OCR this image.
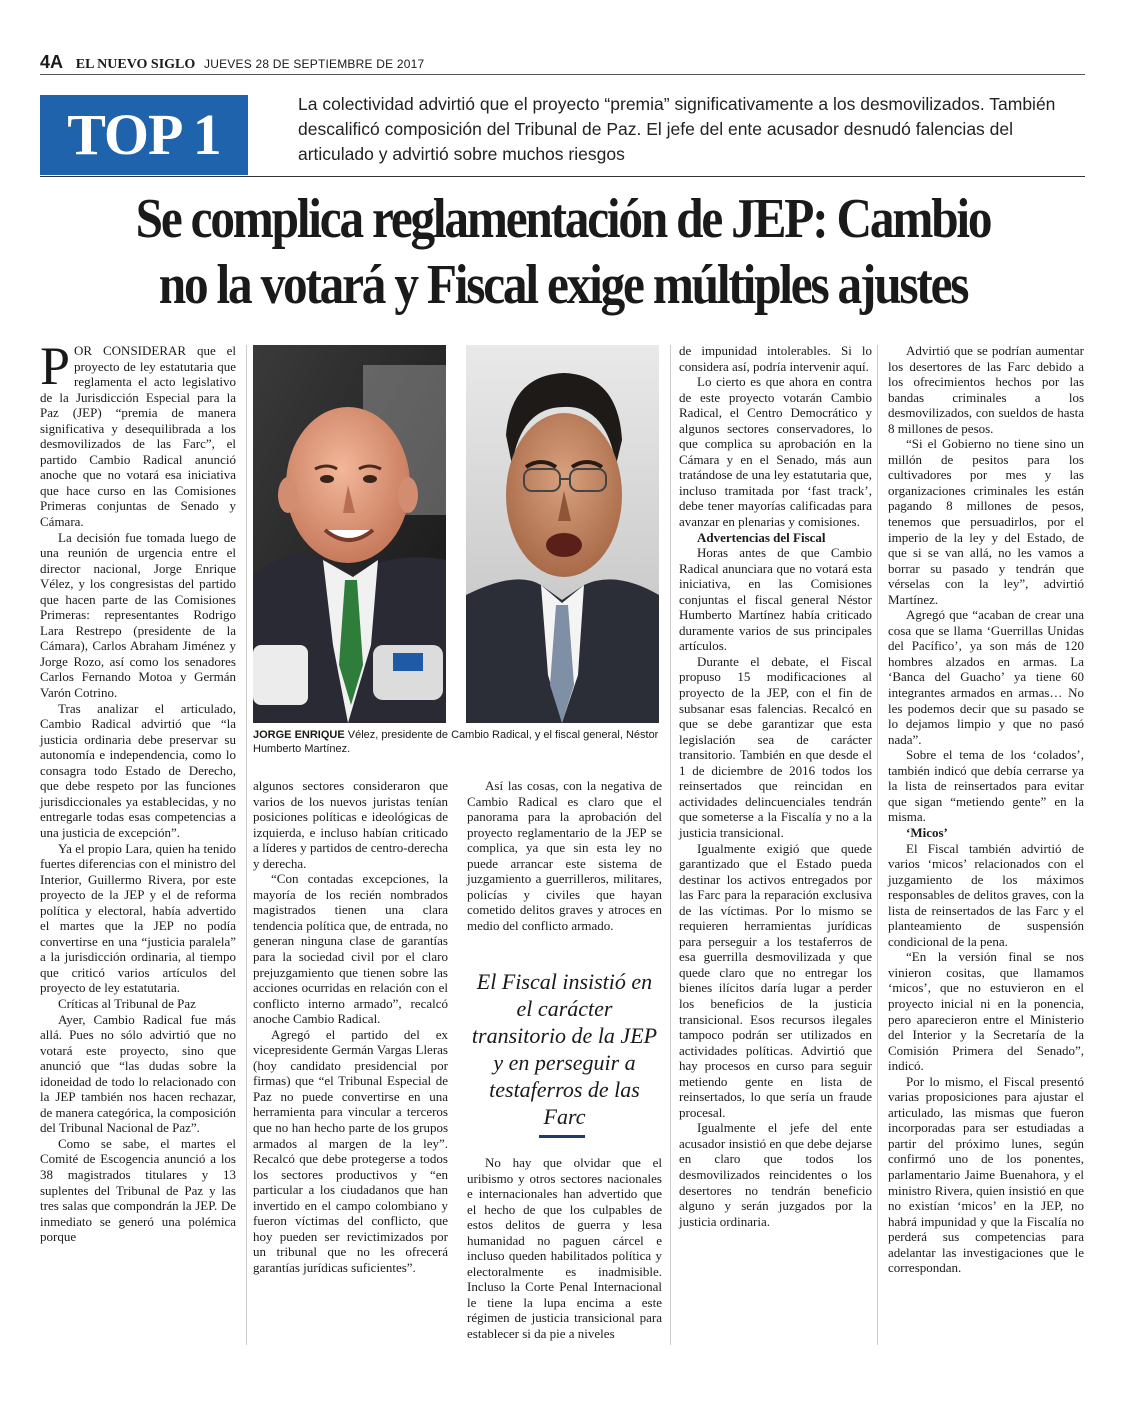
4A EL NUEVO SIGLO JUEVES 28 DE SEPTIEMBRE DE 2017
TOP 1	La colectividad advirtió que el proyecto “premia” significativamente a los desmovilizados. También descalificó composición del Tribunal de Paz. El jefe del ente acusador desnudó falencias del articulado y advirtió sobre muchos riesgos
Se complica reglamentación de JEP: Cambio
no la votará y Fiscal exige múltiples ajustes

POR CONSIDERAR que el proyecto de ley estatutaria que reglamenta el acto legislativo de la Jurisdicción Especial para la Paz (JEP) “premia de manera significativa y desequilibrada a los desmovilizados de las Farc”, el partido Cambio Radical anunció anoche que no votará esa iniciativa que hace curso en las Comisiones Primeras conjuntas de Senado y Cámara.

La decisión fue tomada luego de una reunión de urgencia entre el director nacional, Jorge Enrique Vélez, y los congresistas del partido que hacen parte de las Comisiones Primeras: representantes Rodrigo Lara Restrepo (presidente de la Cámara), Carlos Abraham Jiménez y Jorge Rozo, así como los senadores Carlos Fernando Motoa y Germán Varón Cotrino.

Tras analizar el articulado, Cambio Radical advirtió que “la justicia ordinaria debe preservar su autonomía e independencia, como lo consagra todo Estado de Derecho, que debe respeto por las funciones jurisdiccionales ya establecidas, y no entregarle todas esas competencias a una justicia de excepción”.

Ya el propio Lara, quien ha tenido fuertes diferencias con el ministro del Interior, Guillermo Rivera, por este proyecto de la JEP y el de reforma política y electoral, había advertido el martes que la JEP no podía convertirse en una “justicia paralela” a la jurisdicción ordinaria, al tiempo que criticó varios artículos del proyecto de ley estatutaria.

Críticas al Tribunal de Paz

Ayer, Cambio Radical fue más allá. Pues no sólo advirtió que no votará este proyecto, sino que anunció que “las dudas sobre la idoneidad de todo lo relacionado con la JEP también nos hacen rechazar, de manera categórica, la composición del Tribunal Nacional de Paz”.

Como se sabe, el martes el Comité de Escogencia anunció a los 38 magistrados titulares y 13 suplentes del Tribunal de Paz y las tres salas que compondrán la JEP. De inmediato se generó una polémica porque

JORGE ENRIQUE Vélez, presidente de Cambio Radical, y el fiscal general, Néstor Humberto Martínez.

algunos sectores consideraron que varios de los nuevos juristas tenían posiciones políticas e ideológicas de izquierda, e incluso habían criticado a líderes y partidos de centro-derecha y derecha.

“Con contadas excepciones, la mayoría de los recién nombrados magistrados tienen una clara tendencia política que, de entrada, no generan ninguna clase de garantías para la sociedad civil por el claro prejuzgamiento que tienen sobre las acciones ocurridas en relación con el conflicto interno armado”, recalcó anoche Cambio Radical.

Agregó el partido del ex vicepresidente Germán Vargas Lleras (hoy candidato presidencial por firmas) que “el Tribunal Especial de Paz no puede convertirse en una herramienta para vincular a terceros que no han hecho parte de los grupos armados al margen de la ley”. Recalcó que debe protegerse a todos los sectores productivos y “en particular a los ciudadanos que han invertido en el campo colombiano y fueron víctimas del conflicto, que hoy pueden ser revictimizados por un tribunal que no les ofrecerá garantías jurídicas suficientes”.

Así las cosas, con la negativa de Cambio Radical es claro que el panorama para la aprobación del proyecto reglamentario de la JEP se complica, ya que sin esta ley no puede arrancar este sistema de juzgamiento a guerrilleros, militares, policías y civiles que hayan cometido delitos graves y atroces en medio del conflicto armado.

El Fiscal insistió en el carácter transitorio de la JEP y en perseguir a testaferros de las Farc

No hay que olvidar que el uribismo y otros sectores nacionales e internacionales han advertido que el hecho de que los culpables de estos delitos de guerra y lesa humanidad no paguen cárcel e incluso queden habilitados política y electoralmente es inadmisible. Incluso la Corte Penal Internacional le tiene la lupa encima a este régimen de justicia transicional para establecer si da pie a niveles

de impunidad intolerables. Si lo considera así, podría intervenir aquí.

Lo cierto es que ahora en contra de este proyecto votarán Cambio Radical, el Centro Democrático y algunos sectores conservadores, lo que complica su aprobación en la Cámara y en el Senado, más aun tratándose de una ley estatutaria que, incluso tramitada por ‘fast track’, debe tener mayorías calificadas para avanzar en plenarias y comisiones.

Advertencias del Fiscal

Horas antes de que Cambio Radical anunciara que no votará esta iniciativa, en las Comisiones conjuntas el fiscal general Néstor Humberto Martínez había criticado duramente varios de sus principales artículos.

Durante el debate, el Fiscal propuso 15 modificaciones al proyecto de la JEP, con el fin de subsanar esas falencias. Recalcó en que se debe garantizar que esta legislación sea de carácter transitorio. También en que desde el 1 de diciembre de 2016 todos los reinsertados que reincidan en actividades delincuenciales tendrán que someterse a la Fiscalía y no a la justicia transicional.

Igualmente exigió que quede garantizado que el Estado pueda destinar los activos entregados por las Farc para la reparación exclusiva de las víctimas. Por lo mismo se requieren herramientas jurídicas para perseguir a los testaferros de esa guerrilla desmovilizada y que quede claro que no entregar los bienes ilícitos daría lugar a perder los beneficios de la justicia transicional. Esos recursos ilegales tampoco podrán ser utilizados en actividades políticas. Advirtió que hay procesos en curso para seguir metiendo gente en lista de reinsertados, lo que sería un fraude procesal.

Igualmente el jefe del ente acusador insistió en que debe dejarse en claro que todos los desmovilizados reincidentes o los desertores no tendrán beneficio alguno y serán juzgados por la justicia ordinaria.

Advirtió que se podrían aumentar los desertores de las Farc debido a los ofrecimientos hechos por las bandas criminales a los desmovilizados, con sueldos de hasta 8 millones de pesos.

“Si el Gobierno no tiene sino un millón de pesitos para los cultivadores por mes y las organizaciones criminales les están pagando 8 millones de pesos, tenemos que persuadirlos, por el imperio de la ley y del Estado, de que si se van allá, no les vamos a borrar su pasado y tendrán que vérselas con la ley”, advirtió Martínez.

Agregó que “acaban de crear una cosa que se llama ‘Guerrillas Unidas del Pacífico’, ya son más de 120 hombres alzados en armas. La ‘Banca del Guacho’ ya tiene 60 integrantes armados en armas… No les podemos decir que su pasado se lo dejamos limpio y que no pasó nada”.

Sobre el tema de los ‘colados’, también indicó que debía cerrarse ya la lista de reinsertados para evitar que sigan “metiendo gente” en la misma.

‘Micos’

El Fiscal también advirtió de varios ‘micos’ relacionados con el juzgamiento de los máximos responsables de delitos graves, con la lista de reinsertados de las Farc y el planteamiento de suspensión condicional de la pena.

“En la versión final se nos vinieron cositas, que llamamos ‘micos’, que no estuvieron en el proyecto inicial ni en la ponencia, pero aparecieron entre el Ministerio del Interior y la Secretaría de la Comisión Primera del Senado”, indicó.

Por lo mismo, el Fiscal presentó varias proposiciones para ajustar el articulado, las mismas que fueron incorporadas para ser estudiadas a partir del próximo lunes, según confirmó uno de los ponentes, parlamentario Jaime Buenahora, y el ministro Rivera, quien insistió en que no existían ‘micos’ en la JEP, no habrá impunidad y que la Fiscalía no perderá sus competencias para adelantar las investigaciones que le correspondan.
